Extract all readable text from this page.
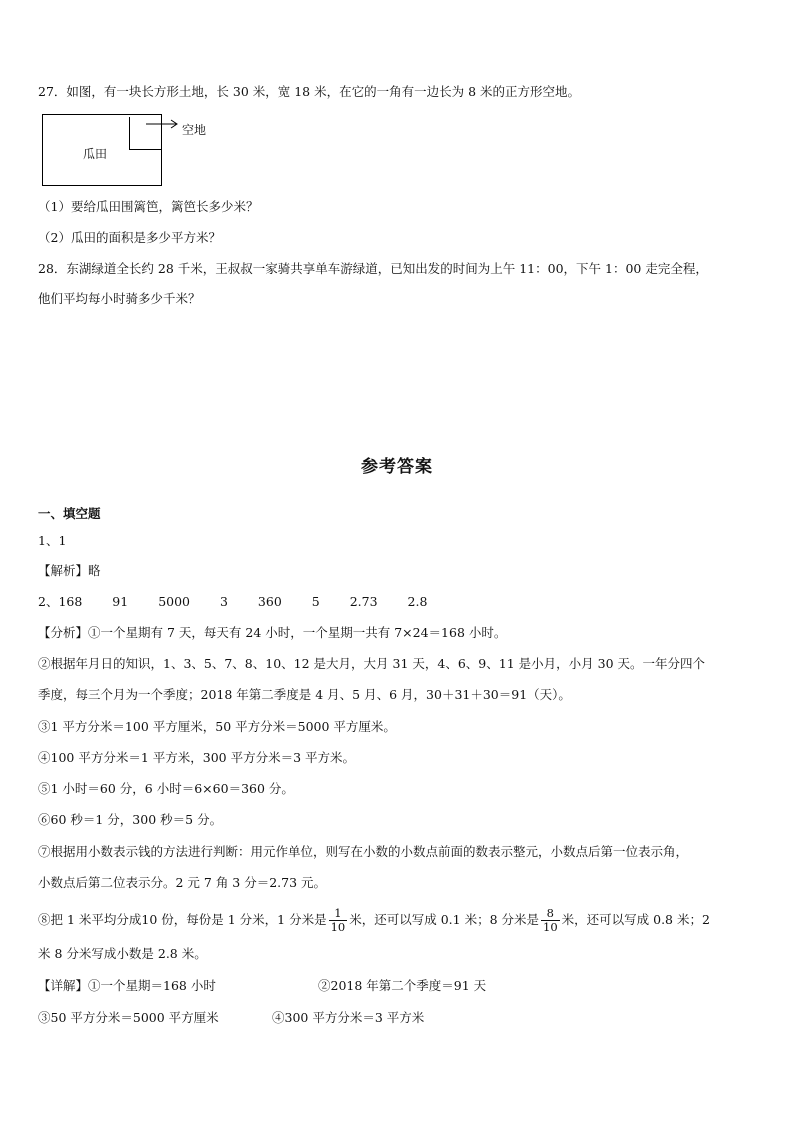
27．如图，有一块长方形土地，长 30 米，宽 18 米，在它的一角有一边长为 8 米的正方形空地。
瓜田
空地
（1）要给瓜田围篱笆，篱笆长多少米？
（2）瓜田的面积是多少平方米？
28．东湖绿道全长约 28 千米，王叔叔一家骑共享单车游绿道，已知出发的时间为上午 11：00，下午 1：00 走完全程，
他们平均每小时骑多少千米？
参考答案
一、填空题
1、1
【解析】略
2、168 91 5000 3 360 5 2.73 2.8
【分析】①一个星期有 7 天，每天有 24 小时，一个星期一共有 7×24＝168 小时。
②根据年月日的知识，1、3、5、7、8、10、12 是大月，大月 31 天，4、6、9、11 是小月，小月 30 天。一年分四个
季度，每三个月为一个季度；2018 年第二季度是 4 月、5 月、6 月，30＋31＋30＝91（天）。
③1 平方分米＝100 平方厘米，50 平方分米＝5000 平方厘米。
④100 平方分米＝1 平方米，300 平方分米＝3 平方米。
⑤1 小时＝60 分，6 小时＝6×60＝360 分。
⑥60 秒＝1 分，300 秒＝5 分。
⑦根据用小数表示钱的方法进行判断：用元作单位，则写在小数的小数点前面的数表示整元，小数点后第一位表示角，
小数点后第二位表示分。2 元 7 角 3 分＝2.73 元。
⑧把 1 米平均分成10 份，每份是 1 分米，1 分米是 $\frac{1}{10}$ 米，还可以写成 0.1 米；8 分米是 $\frac{8}{10}$ 米，还可以写成 0.8 米；2
米 8 分米写成小数是 2.8 米。
【详解】①一个星期＝168 小时	②2018 年第二个季度＝91 天
③50 平方分米＝5000 平方厘米	④300 平方分米＝3 平方米
